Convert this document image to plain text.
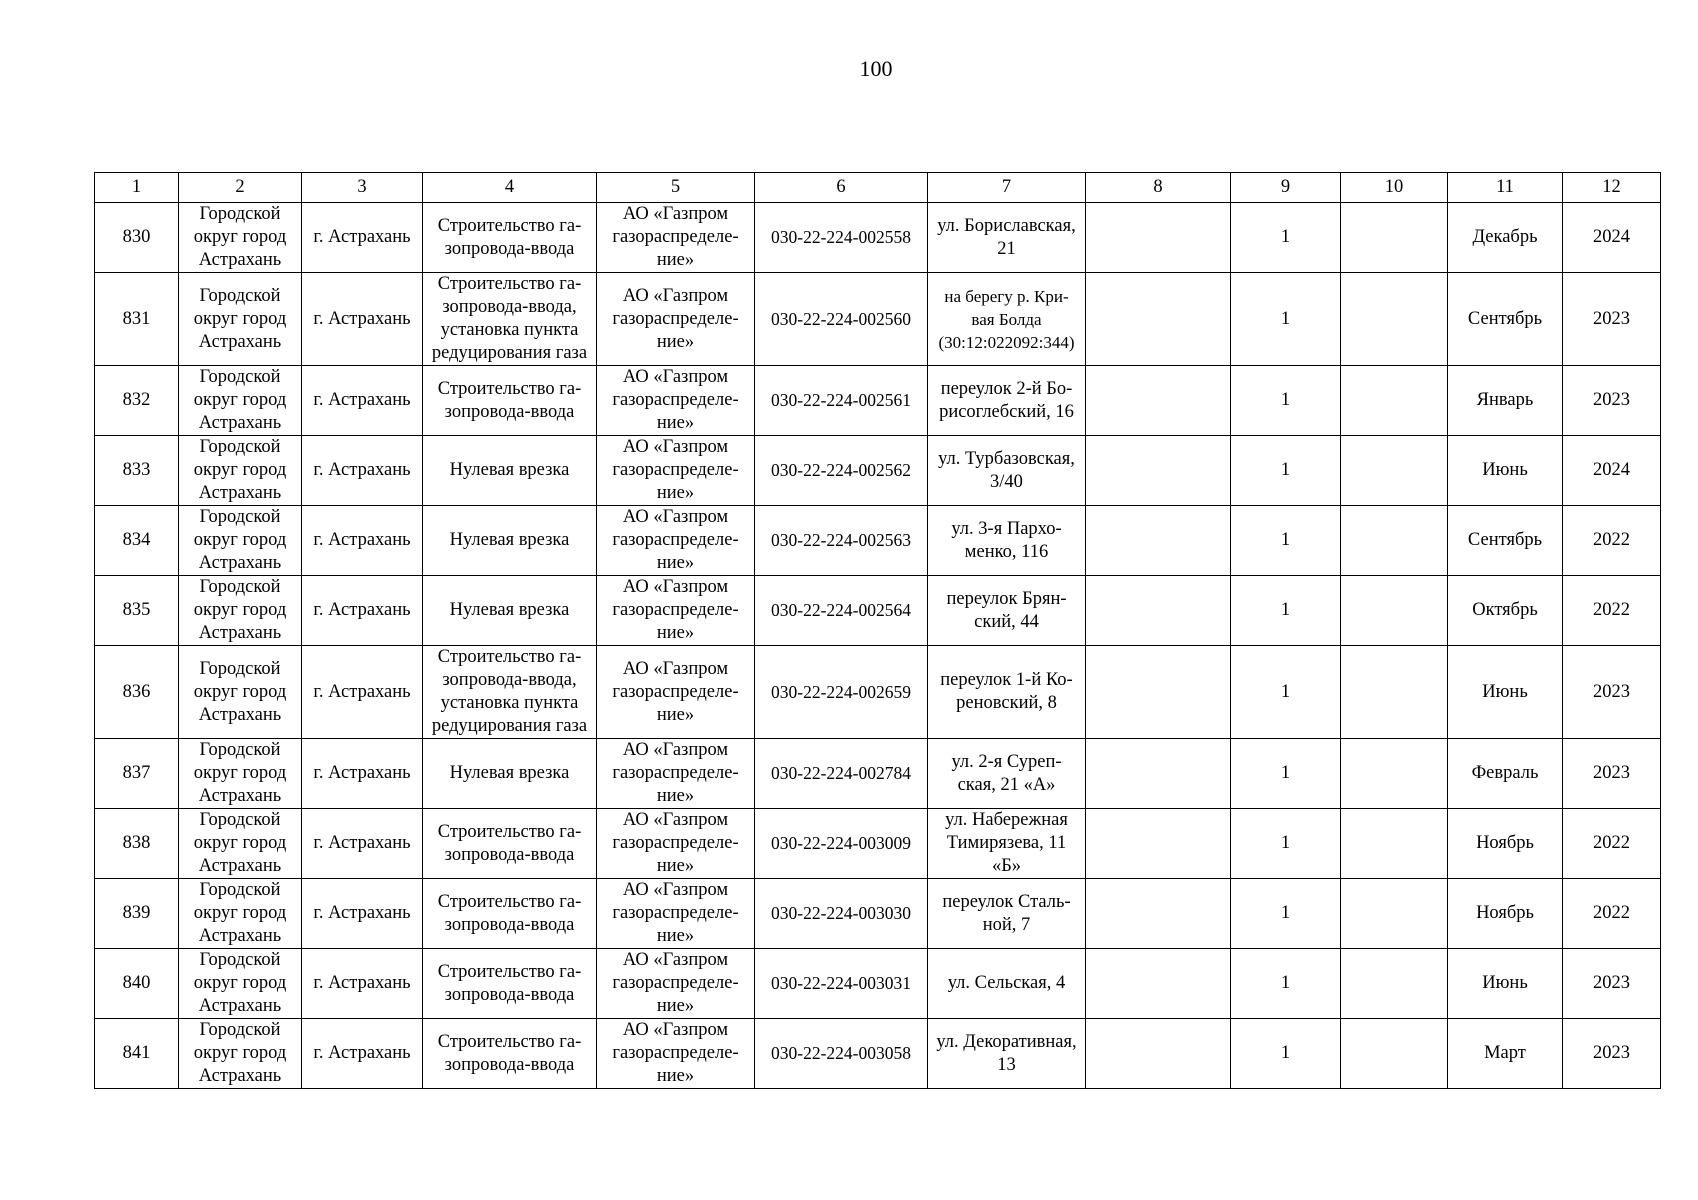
100
1	2	3	4	5	6	7	8	9	10	11	12
830	Городской
округ город
Астрахань	г. Астрахань	Строительство га-
зопровода-ввода	АО «Газпром
газораспределе-
ние»	030-22-224-002558	ул. Бориславская,
21		1		Декабрь	2024
831	Городской
округ город
Астрахань	г. Астрахань	Строительство га-
зопровода-ввода,
установка пункта
редуцирования газа	АО «Газпром
газораспределе-
ние»	030-22-224-002560	на берегу р. Кри-
вая Болда
(30:12:022092:344)		1		Сентябрь	2023
832	Городской
округ город
Астрахань	г. Астрахань	Строительство га-
зопровода-ввода	АО «Газпром
газораспределе-
ние»	030-22-224-002561	переулок 2-й Бо-
рисоглебский, 16		1		Январь	2023
833	Городской
округ город
Астрахань	г. Астрахань	Нулевая врезка	АО «Газпром
газораспределе-
ние»	030-22-224-002562	ул. Турбазовская,
3/40		1		Июнь	2024
834	Городской
округ город
Астрахань	г. Астрахань	Нулевая врезка	АО «Газпром
газораспределе-
ние»	030-22-224-002563	ул. 3-я Пархо-
менко, 116		1		Сентябрь	2022
835	Городской
округ город
Астрахань	г. Астрахань	Нулевая врезка	АО «Газпром
газораспределе-
ние»	030-22-224-002564	переулок Брян-
ский, 44		1		Октябрь	2022
836	Городской
округ город
Астрахань	г. Астрахань	Строительство га-
зопровода-ввода,
установка пункта
редуцирования газа	АО «Газпром
газораспределе-
ние»	030-22-224-002659	переулок 1-й Ко-
реновский, 8		1		Июнь	2023
837	Городской
округ город
Астрахань	г. Астрахань	Нулевая врезка	АО «Газпром
газораспределе-
ние»	030-22-224-002784	ул. 2-я Суреп-
ская, 21 «А»		1		Февраль	2023
838	Городской
округ город
Астрахань	г. Астрахань	Строительство га-
зопровода-ввода	АО «Газпром
газораспределе-
ние»	030-22-224-003009	ул. Набережная
Тимирязева, 11
«Б»		1		Ноябрь	2022
839	Городской
округ город
Астрахань	г. Астрахань	Строительство га-
зопровода-ввода	АО «Газпром
газораспределе-
ние»	030-22-224-003030	переулок Сталь-
ной, 7		1		Ноябрь	2022
840	Городской
округ город
Астрахань	г. Астрахань	Строительство га-
зопровода-ввода	АО «Газпром
газораспределе-
ние»	030-22-224-003031	ул. Сельская, 4		1		Июнь	2023
841	Городской
округ город
Астрахань	г. Астрахань	Строительство га-
зопровода-ввода	АО «Газпром
газораспределе-
ние»	030-22-224-003058	ул. Декоративная,
13		1		Март	2023
